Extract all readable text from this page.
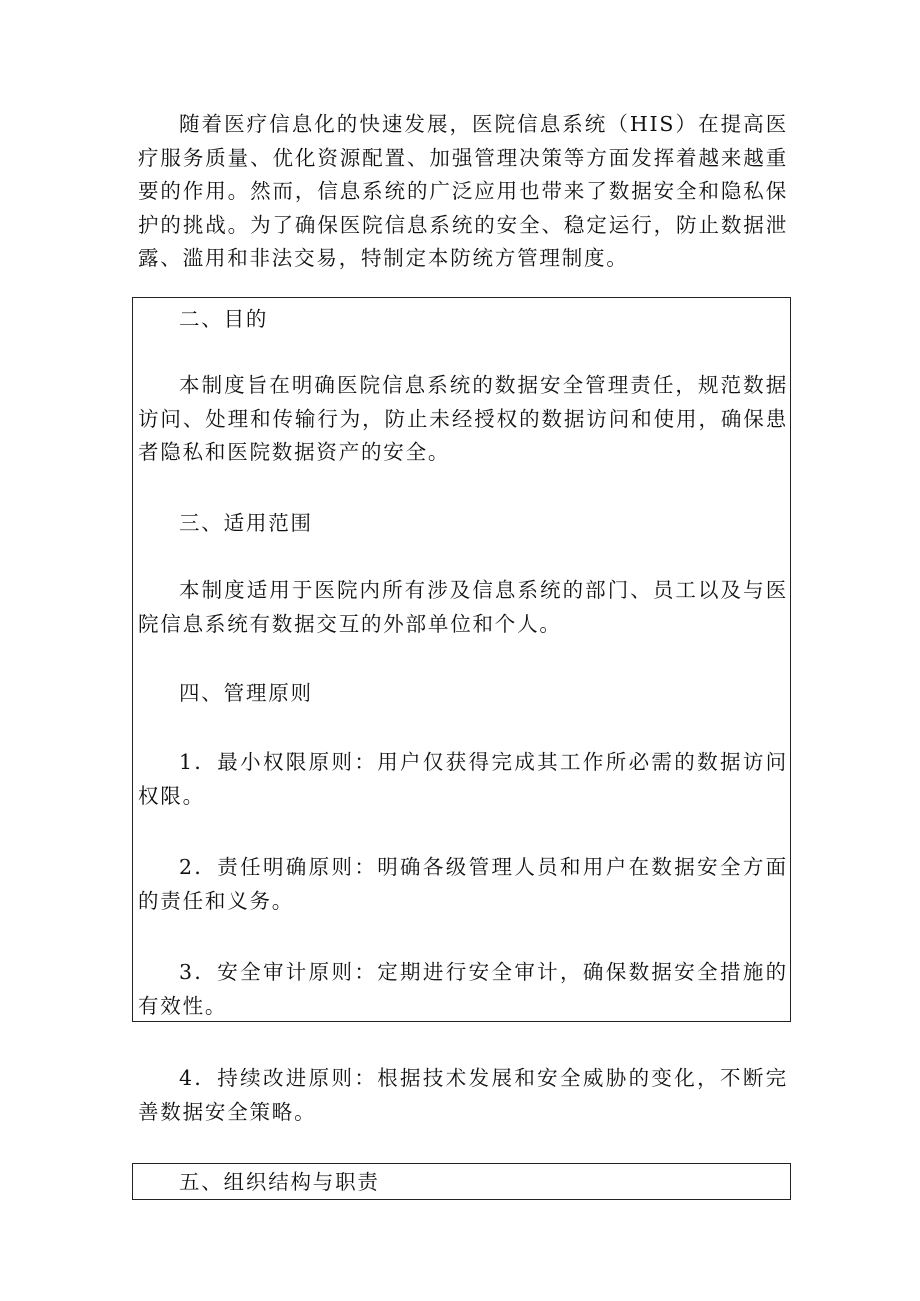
随着医疗信息化的快速发展，医院信息系统（HIS）在提高医疗服务质量、优化资源配置、加强管理决策等方面发挥着越来越重要的作用。然而，信息系统的广泛应用也带来了数据安全和隐私保护的挑战。为了确保医院信息系统的安全、稳定运行，防止数据泄露、滥用和非法交易，特制定本防统方管理制度。

二、目的

本制度旨在明确医院信息系统的数据安全管理责任，规范数据访问、处理和传输行为，防止未经授权的数据访问和使用，确保患者隐私和医院数据资产的安全。

三、适用范围

本制度适用于医院内所有涉及信息系统的部门、员工以及与医院信息系统有数据交互的外部单位和个人。

四、管理原则

1．最小权限原则：用户仅获得完成其工作所必需的数据访问权限。

2．责任明确原则：明确各级管理人员和用户在数据安全方面的责任和义务。

3．安全审计原则：定期进行安全审计，确保数据安全措施的有效性。

4．持续改进原则：根据技术发展和安全威胁的变化，不断完善数据安全策略。

五、组织结构与职责
